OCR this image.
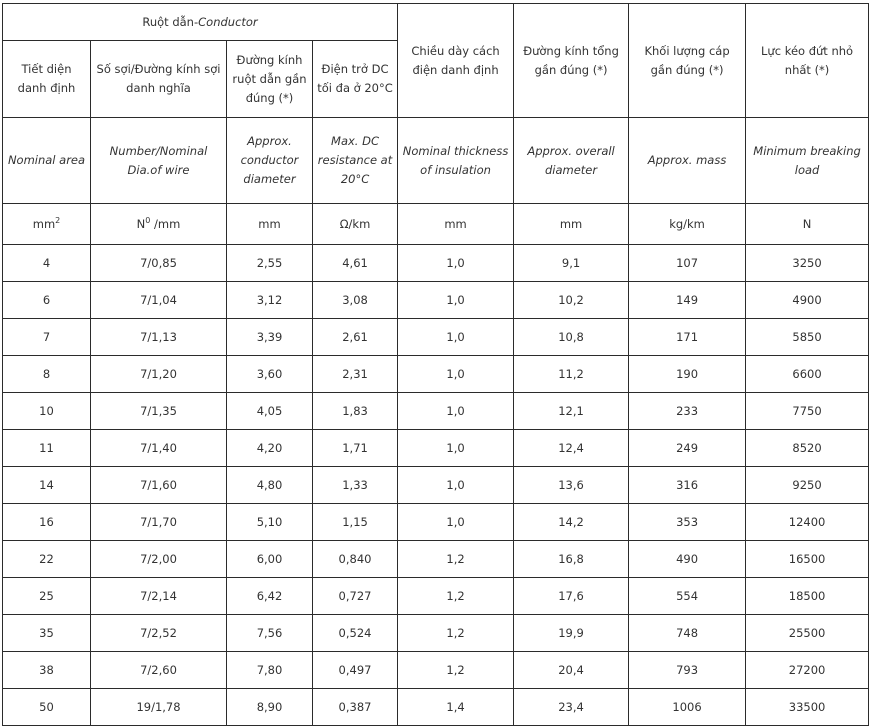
Ruột dẫn-Conductor				Chiều dày cách điện danh định	Đường kính tổng gần đúng (*)	Khối lượng cáp gần đúng (*)	Lực kéo đứt nhỏ nhất (*)
Tiết diện danh định	Số sợi/Đường kính sợi danh nghĩa	Đường kính ruột dẫn gần đúng (*)	Điện trở DC tối đa ở 20°C				
Nominal area	Number/Nominal Dia.of wire	Approx. conductor diameter	Max. DC resistance at 20°C	Nominal thickness of insulation	Approx. overall diameter	Approx. mass	Minimum breaking load
$mm^2$	$N^0$ /mm	mm	Ω/km	mm	mm	kg/km	N
4	7/0,85	2,55	4,61	1,0	9,1	107	3250
6	7/1,04	3,12	3,08	1,0	10,2	149	4900
7	7/1,13	3,39	2,61	1,0	10,8	171	5850
8	7/1,20	3,60	2,31	1,0	11,2	190	6600
10	7/1,35	4,05	1,83	1,0	12,1	233	7750
11	7/1,40	4,20	1,71	1,0	12,4	249	8520
14	7/1,60	4,80	1,33	1,0	13,6	316	9250
16	7/1,70	5,10	1,15	1,0	14,2	353	12400
22	7/2,00	6,00	0,840	1,2	16,8	490	16500
25	7/2,14	6,42	0,727	1,2	17,6	554	18500
35	7/2,52	7,56	0,524	1,2	19,9	748	25500
38	7/2,60	7,80	0,497	1,2	20,4	793	27200
50	19/1,78	8,90	0,387	1,4	23,4	1006	33500
